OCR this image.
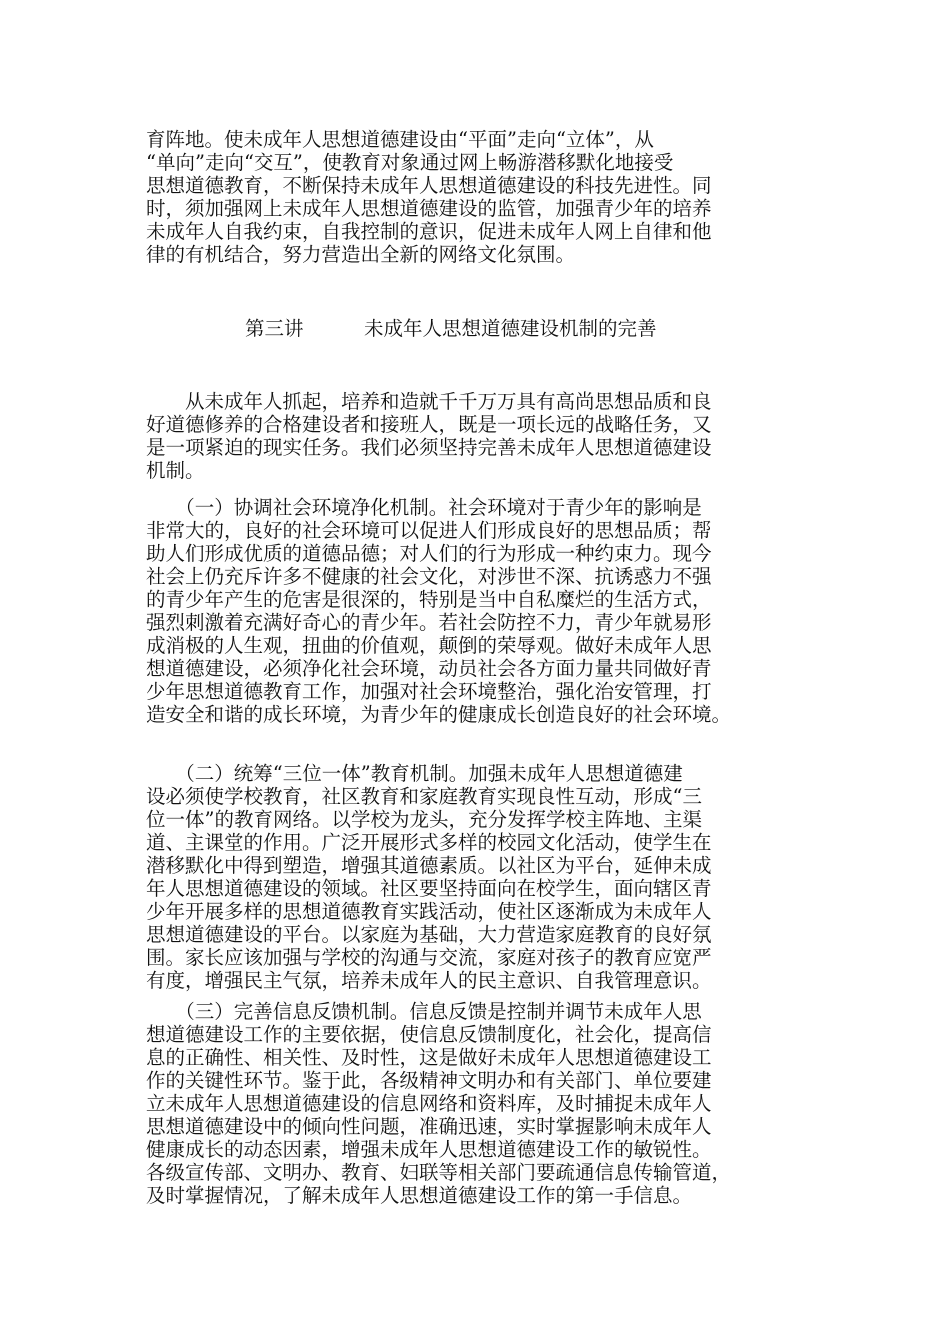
育阵地。使未成年人思想道德建设由“平面”走向“立体”，从
“单向”走向“交互”，使教育对象通过网上畅游潜移默化地接受
思想道德教育，不断保持未成年人思想道德建设的科技先进性。同
时，须加强网上未成年人思想道德建设的监管，加强青少年的培养
未成年人自我约束，自我控制的意识，促进未成年人网上自律和他
律的有机结合，努力营造出全新的网络文化氛围。
第三讲	未成年人思想道德建设机制的完善
　　从未成年人抓起，培养和造就千千万万具有高尚思想品质和良
好道德修养的合格建设者和接班人，既是一项长远的战略任务，又
是一项紧迫的现实任务。我们必须坚持完善未成年人思想道德建设
机制。
　　（一）协调社会环境净化机制。社会环境对于青少年的影响是
非常大的，良好的社会环境可以促进人们形成良好的思想品质；帮
助人们形成优质的道德品德；对人们的行为形成一种约束力。现今
社会上仍充斥许多不健康的社会文化，对涉世不深、抗诱惑力不强
的青少年产生的危害是很深的，特别是当中自私糜烂的生活方式，
强烈刺激着充满好奇心的青少年。若社会防控不力，青少年就易形
成消极的人生观，扭曲的价值观，颠倒的荣辱观。做好未成年人思
想道德建设，必须净化社会环境，动员社会各方面力量共同做好青
少年思想道德教育工作，加强对社会环境整治，强化治安管理，打
造安全和谐的成长环境，为青少年的健康成长创造良好的社会环境。
　　（二）统筹“三位一体”教育机制。加强未成年人思想道德建
设必须使学校教育，社区教育和家庭教育实现良性互动，形成“三
位一体”的教育网络。以学校为龙头，充分发挥学校主阵地、主渠
道、主课堂的作用。广泛开展形式多样的校园文化活动，使学生在
潜移默化中得到塑造，增强其道德素质。以社区为平台，延伸未成
年人思想道德建设的领域。社区要坚持面向在校学生，面向辖区青
少年开展多样的思想道德教育实践活动，使社区逐渐成为未成年人
思想道德建设的平台。以家庭为基础，大力营造家庭教育的良好氛
围。家长应该加强与学校的沟通与交流，家庭对孩子的教育应宽严
有度，增强民主气氛，培养未成年人的民主意识、自我管理意识。
　　（三）完善信息反馈机制。信息反馈是控制并调节未成年人思
想道德建设工作的主要依据，使信息反馈制度化，社会化，提高信
息的正确性、相关性、及时性，这是做好未成年人思想道德建设工
作的关键性环节。鉴于此，各级精神文明办和有关部门、单位要建
立未成年人思想道德建设的信息网络和资料库，及时捕捉未成年人
思想道德建设中的倾向性问题，准确迅速，实时掌握影响未成年人
健康成长的动态因素，增强未成年人思想道德建设工作的敏锐性。
各级宣传部、文明办、教育、妇联等相关部门要疏通信息传输管道，
及时掌握情况，了解未成年人思想道德建设工作的第一手信息。
